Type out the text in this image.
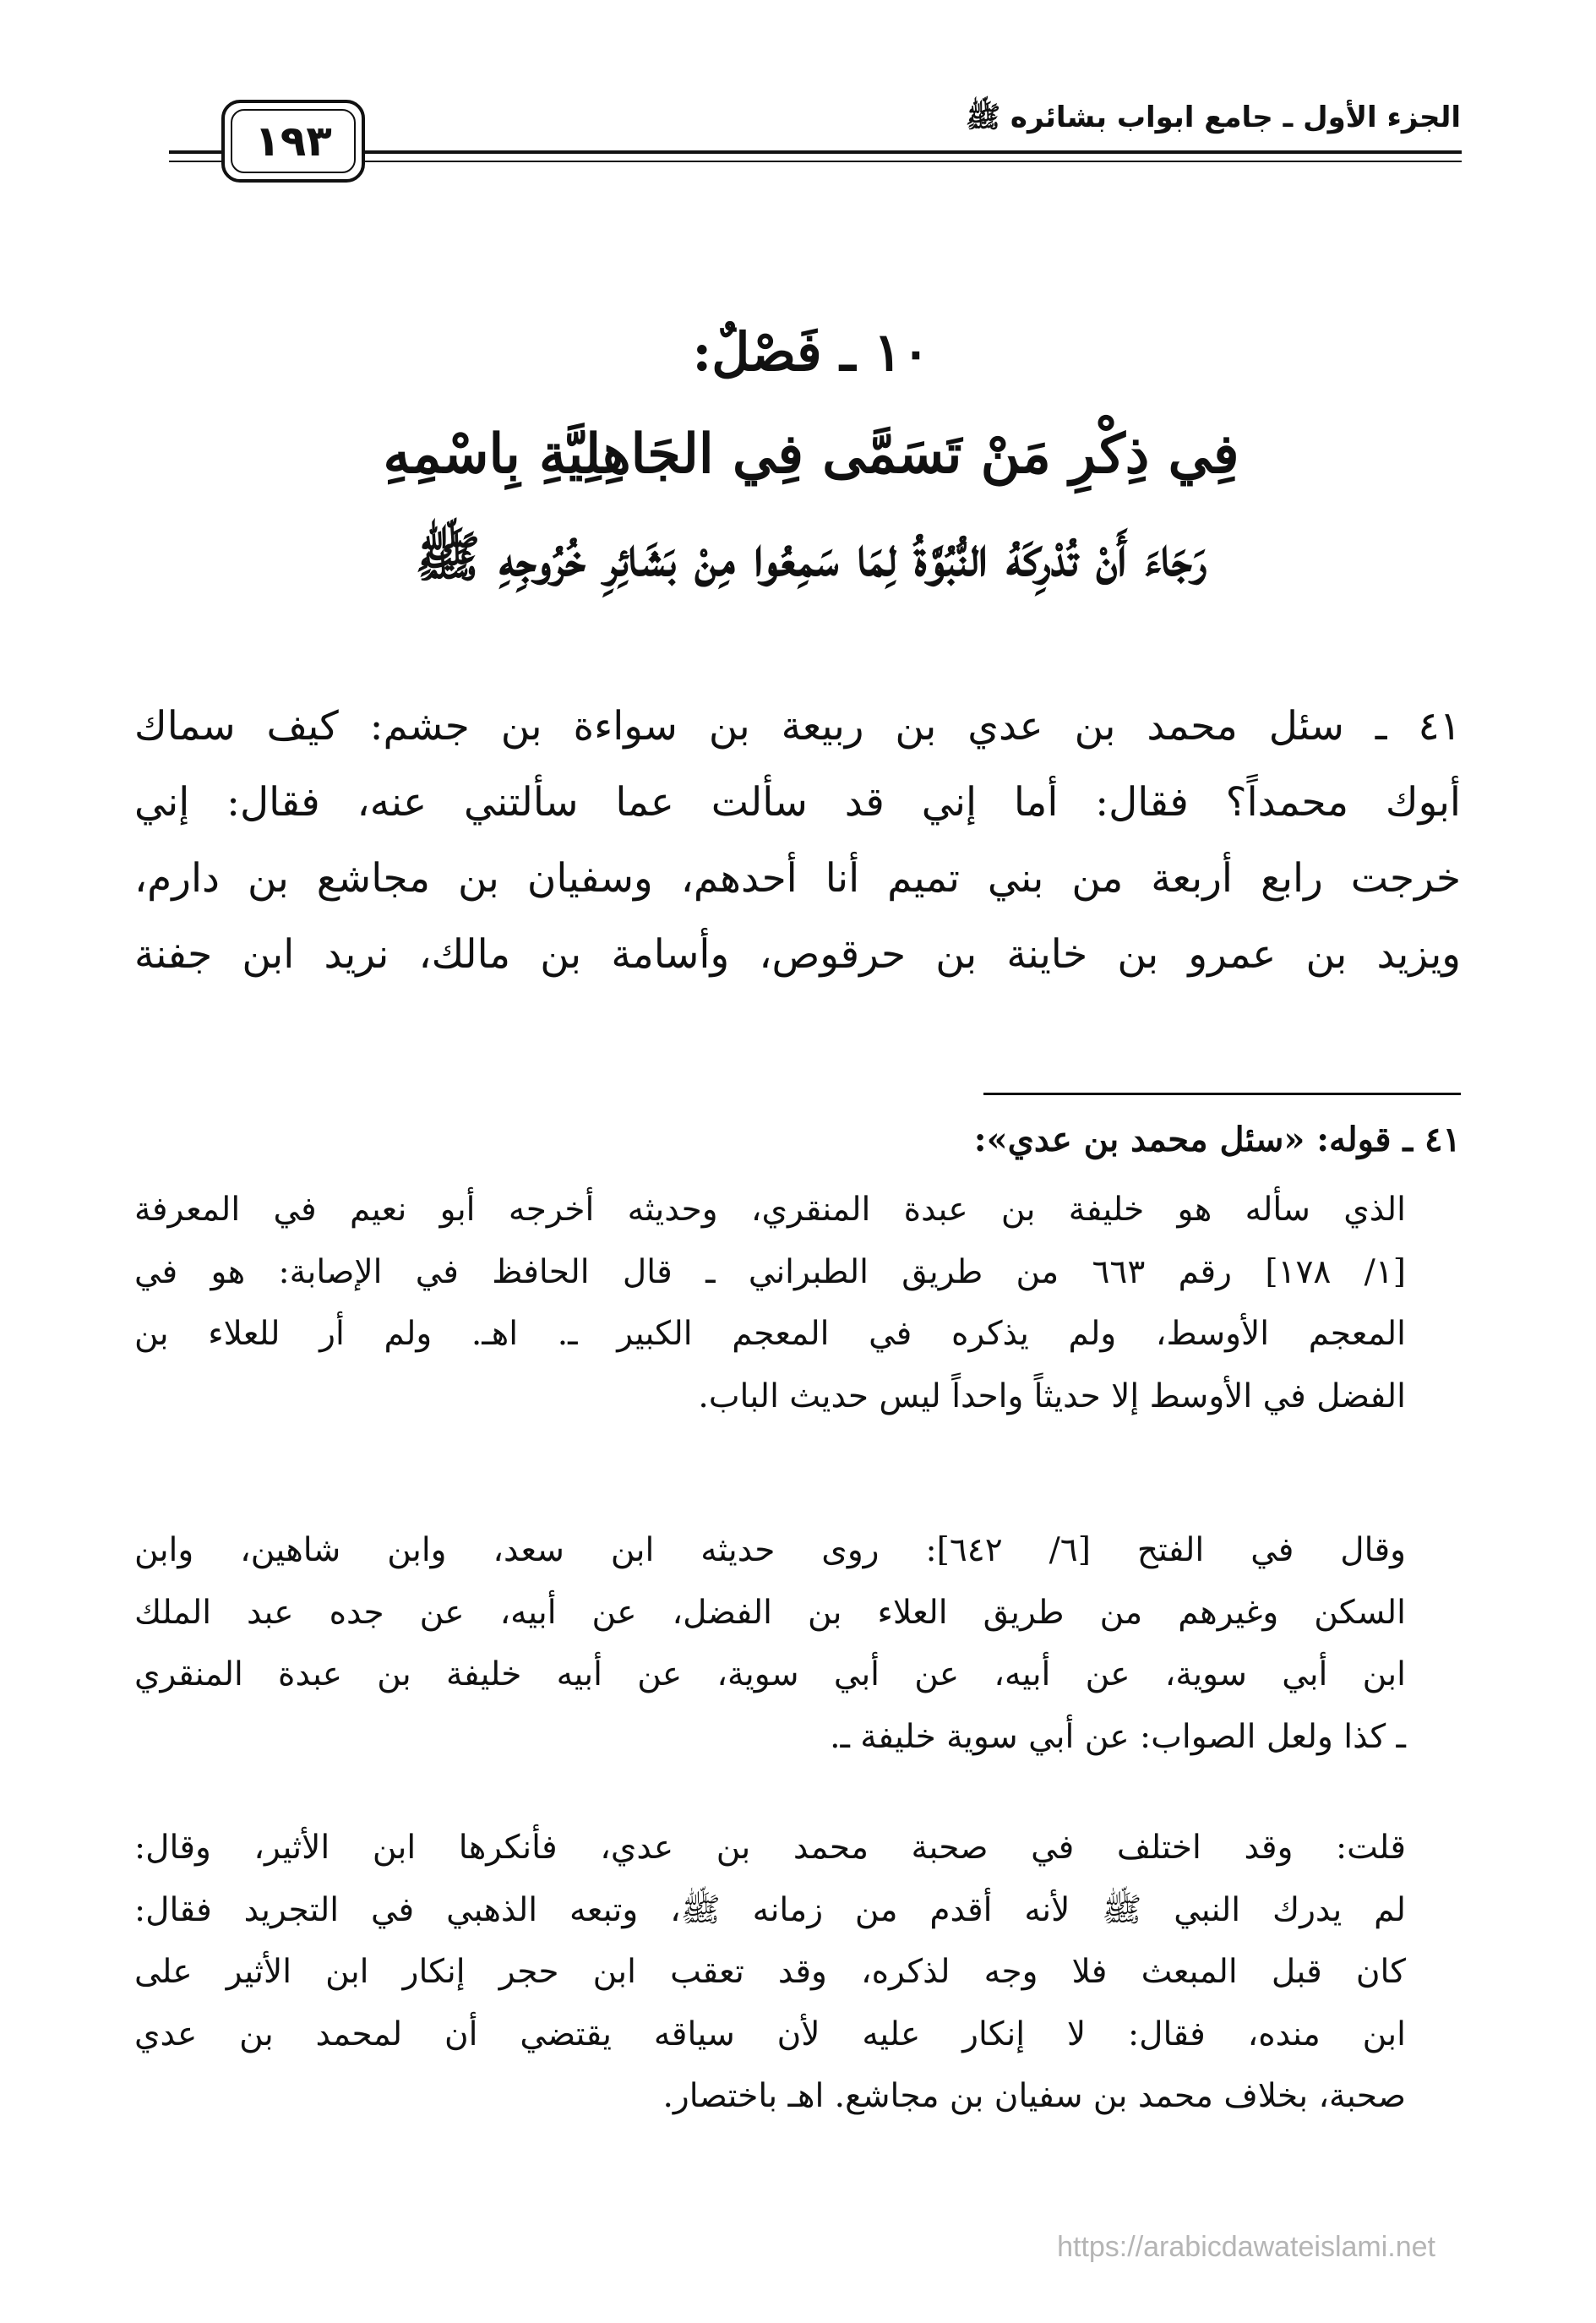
الجزء الأول ـ جامع ابواب بشائره ﷺ
١٩٣
١٠ ـ فَصْلٌ:
فِي ذِكْرِ مَنْ تَسَمَّى فِي الجَاهِلِيَّةِ بِاسْمِهِ
رَجَاءَ أَنْ تُدْرِكَهُ النُّبُوَّةُ لِمَا سَمِعُوا مِنْ بَشَائِرِ خُرُوجِهِ ﷺ
٤١ ـ سئل محمد بن عدي بن ربيعة بن سواءة بن جشم: كيف سماك
أبوك محمداً؟ فقال: أما إني قد سألت عما سألتني عنه، فقال: إني
خرجت رابع أربعة من بني تميم أنا أحدهم، وسفيان بن مجاشع بن دارم،
ويزيد بن عمرو بن خاينة بن حرقوص، وأسامة بن مالك، نريد ابن جفنة
٤١ ـ قوله: «سئل محمد بن عدي»:
الذي سأله هو خليفة بن عبدة المنقري، وحديثه أخرجه أبو نعيم في المعرفة
[١/ ١٧٨] رقم ٦٦٣ من طريق الطبراني ـ قال الحافظ في الإصابة: هو في
المعجم الأوسط، ولم يذكره في المعجم الكبير ـ. اهـ. ولم أر للعلاء بن
الفضل في الأوسط إلا حديثاً واحداً ليس حديث الباب.
وقال في الفتح [٦/ ٦٤٢]: روى حديثه ابن سعد، وابن شاهين، وابن
السكن وغيرهم من طريق العلاء بن الفضل، عن أبيه، عن جده عبد الملك
ابن أبي سوية، عن أبيه، عن أبي سوية، عن أبيه خليفة بن عبدة المنقري
ـ كذا ولعل الصواب: عن أبي سوية خليفة ـ.
قلت: وقد اختلف في صحبة محمد بن عدي، فأنكرها ابن الأثير، وقال:
لم يدرك النبي ﷺ لأنه أقدم من زمانه ﷺ، وتبعه الذهبي في التجريد فقال:
كان قبل المبعث فلا وجه لذكره، وقد تعقب ابن حجر إنكار ابن الأثير على
ابن منده، فقال: لا إنكار عليه لأن سياقه يقتضي أن لمحمد بن عدي
صحبة، بخلاف محمد بن سفيان بن مجاشع. اهـ باختصار.
https://arabicdawateislami.net
